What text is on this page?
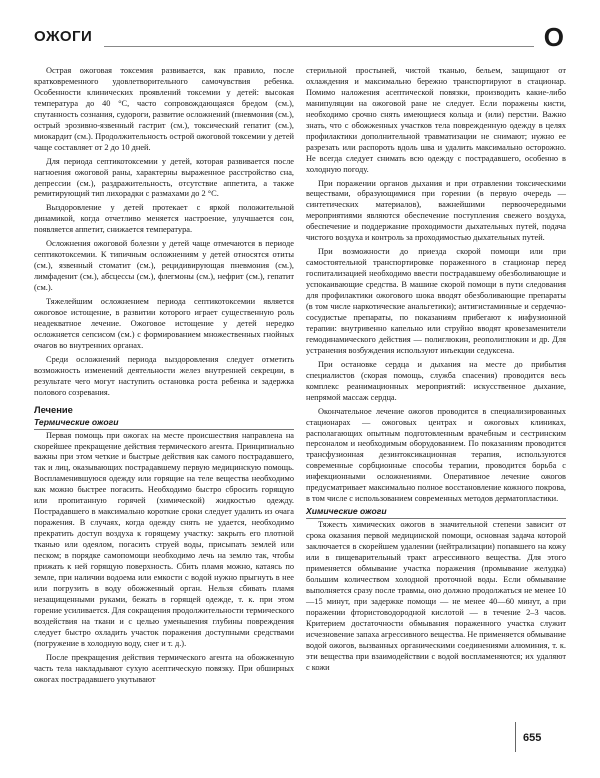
ОЖОГИ	О

Острая ожоговая токсемия развивается, как правило, после кратковременного удовлетворительного самочувствия ребенка. Особенности клинических проявлений токсемии у детей: высокая температура до 40 °С, часто сопровождающаяся бредом (см.), спутанность сознания, судороги, развитие осложнений (пневмония (см.), острый эрозивно-язвенный гастрит (см.), токсический гепатит (см.), миокардит (см.). Продолжительность острой ожоговой токсемии у детей чаще составляет от 2 до 10 дней.

Для периода септикотоксемии у детей, которая развивается после нагноения ожоговой раны, характерны выраженное расстройство сна, депрессии (см.), раздражительность, отсутствие аппетита, а также ремитирующий тип лихорадки с размахами до 2 °С.

Выздоровление у детей протекает с яркой положительной динамикой, когда отчетливо меняется настроение, улучшается сон, появляется аппетит, снижается температура.

Осложнения ожоговой болезни у детей чаще отмечаются в периоде септикотоксемии. К типичным осложнениям у детей относятся отиты (см.), язвенный стоматит (см.), рецидивирующая пневмония (см.), лимфаденит (см.), абсцессы (см.), флегмоны (см.), нефрит (см.), гепатит (см.).

Тяжелейшим осложнением периода септикотоксемии является ожоговое истощение, в развитии которого играет существенную роль неадекватное лечение. Ожоговое истощение у детей нередко осложняется сепсисом (см.) с формированием множественных гнойных очагов во внутренних органах.

Среди осложнений периода выздоровления следует отметить возможность изменений деятельности желез внутренней секреции, в результате чего могут наступить остановка роста ребенка и задержка полового созревания.

Лечение
Термические ожоги

Первая помощь при ожогах на месте происшествия направлена на скорейшее прекращение действия термического агента. Принципиально важны при этом четкие и быстрые действия как самого пострадавшего, так и лиц, оказывающих пострадавшему первую медицинскую помощь. Воспламенившуюся одежду или горящие на теле вещества необходимо как можно быстрее погасить. Необходимо быстро сбросить горящую или пропитанную горячей (химической) жидкостью одежду. Пострадавшего в максимально короткие сроки следует удалить из очага поражения. В случаях, когда одежду снять не удается, необходимо прекратить доступ воздуха к горящему участку: закрыть его плотной тканью или одеялом, погасить струей воды, присыпать землей или песком; в порядке самопомощи необходимо лечь на землю так, чтобы прижать к ней горящую поверхность. Сбить пламя можно, катаясь по земле, при наличии водоема или емкости с водой нужно прыгнуть в нее или погрузить в воду обожженный орган. Нельзя сбивать пламя незащищенными руками, бежать в горящей одежде, т. к. при этом горение усиливается. Для сокращения продолжительности термического воздействия на ткани и с целью уменьшения глубины повреждения следует быстро охладить участок поражения доступными средствами (погружение в холодную воду, снег и т. д.).

После прекращения действия термического агента на обожженную часть тела накладывают сухую асептическую повязку. При обширных ожогах пострадавшего укутывают

стерильной простыней, чистой тканью, бельем, защищают от охлаждения и максимально бережно транспортируют в стационар. Помимо наложения асептической повязки, производить какие-либо манипуляции на ожоговой ране не следует. Если поражены кисти, необходимо срочно снять имеющиеся кольца и (или) перстни. Важно знать, что с обожженных участков тела поврежденную одежду в целях профилактики дополнительной травматизации не снимают; нужно ее разрезать или распороть вдоль шва и удалить максимально осторожно. Не всегда следует снимать всю одежду с пострадавшего, особенно в холодную погоду.

При поражении органов дыхания и при отравлении токсическими веществами, образующимися при горении (в первую очередь — синтетических материалов), важнейшими первоочередными мероприятиями являются обеспечение поступления свежего воздуха, обеспечение и поддержание проходимости дыхательных путей, подача чистого воздуха и контроль за проходимостью дыхательных путей.

При возможности до приезда скорой помощи или при самостоятельной транспортировке пораженного в стационар перед госпитализацией необходимо ввести пострадавшему обезболивающие и успокаивающие средства. В машине скорой помощи в пути следования для профилактики ожогового шока вводят обезболивающие препараты (в том числе наркотические анальгетики); антигистаминные и сердечно-сосудистые препараты, по показаниям прибегают к инфузионной терапии: внутривенно капельно или струйно вводят кровезаменители гемодинамического действия — полиглюкин, реополиглюкин и др. Для устранения возбуждения используют инъекции седуксена.

При остановке сердца и дыхания на месте до прибытия специалистов (скорая помощь, служба спасения) проводится весь комплекс реанимационных мероприятий: искусственное дыхание, непрямой массаж сердца.

Окончательное лечение ожогов проводится в специализированных стационарах — ожоговых центрах и ожоговых клиниках, располагающих опытным подготовленным врачебным и сестринским персоналом и необходимым оборудованием. По показаниям проводится трансфузионная дезинтоксикационная терапия, используются современные сорбционные способы терапии, проводится борьба с инфекционными осложнениями. Оперативное лечение ожогов предусматривает максимально полное восстановление кожного покрова, в том числе с использованием современных методов дерматопластики.

Химические ожоги

Тяжесть химических ожогов в значительной степени зависит от срока оказания первой медицинской помощи, основная задача которой заключается в скорейшем удалении (нейтрализации) попавшего на кожу или в пищеварительный тракт агрессивного вещества. Для этого применяется обмывание участка поражения (промывание желудка) большим количеством холодной проточной воды. Если обмывание выполняется сразу после травмы, оно должно продолжаться не менее 10—15 минут, при задержке помощи — не менее 40—60 минут, а при поражении фтористоводородной кислотой — в течение 2–3 часов. Критерием достаточности обмывания пораженного участка служит исчезновение запаха агрессивного вещества. Не применяется обмывание водой ожогов, вызванных органическими соединениями алюминия, т. к. эти вещества при взаимодействии с водой воспламеняются; их удаляют с кожи

655
